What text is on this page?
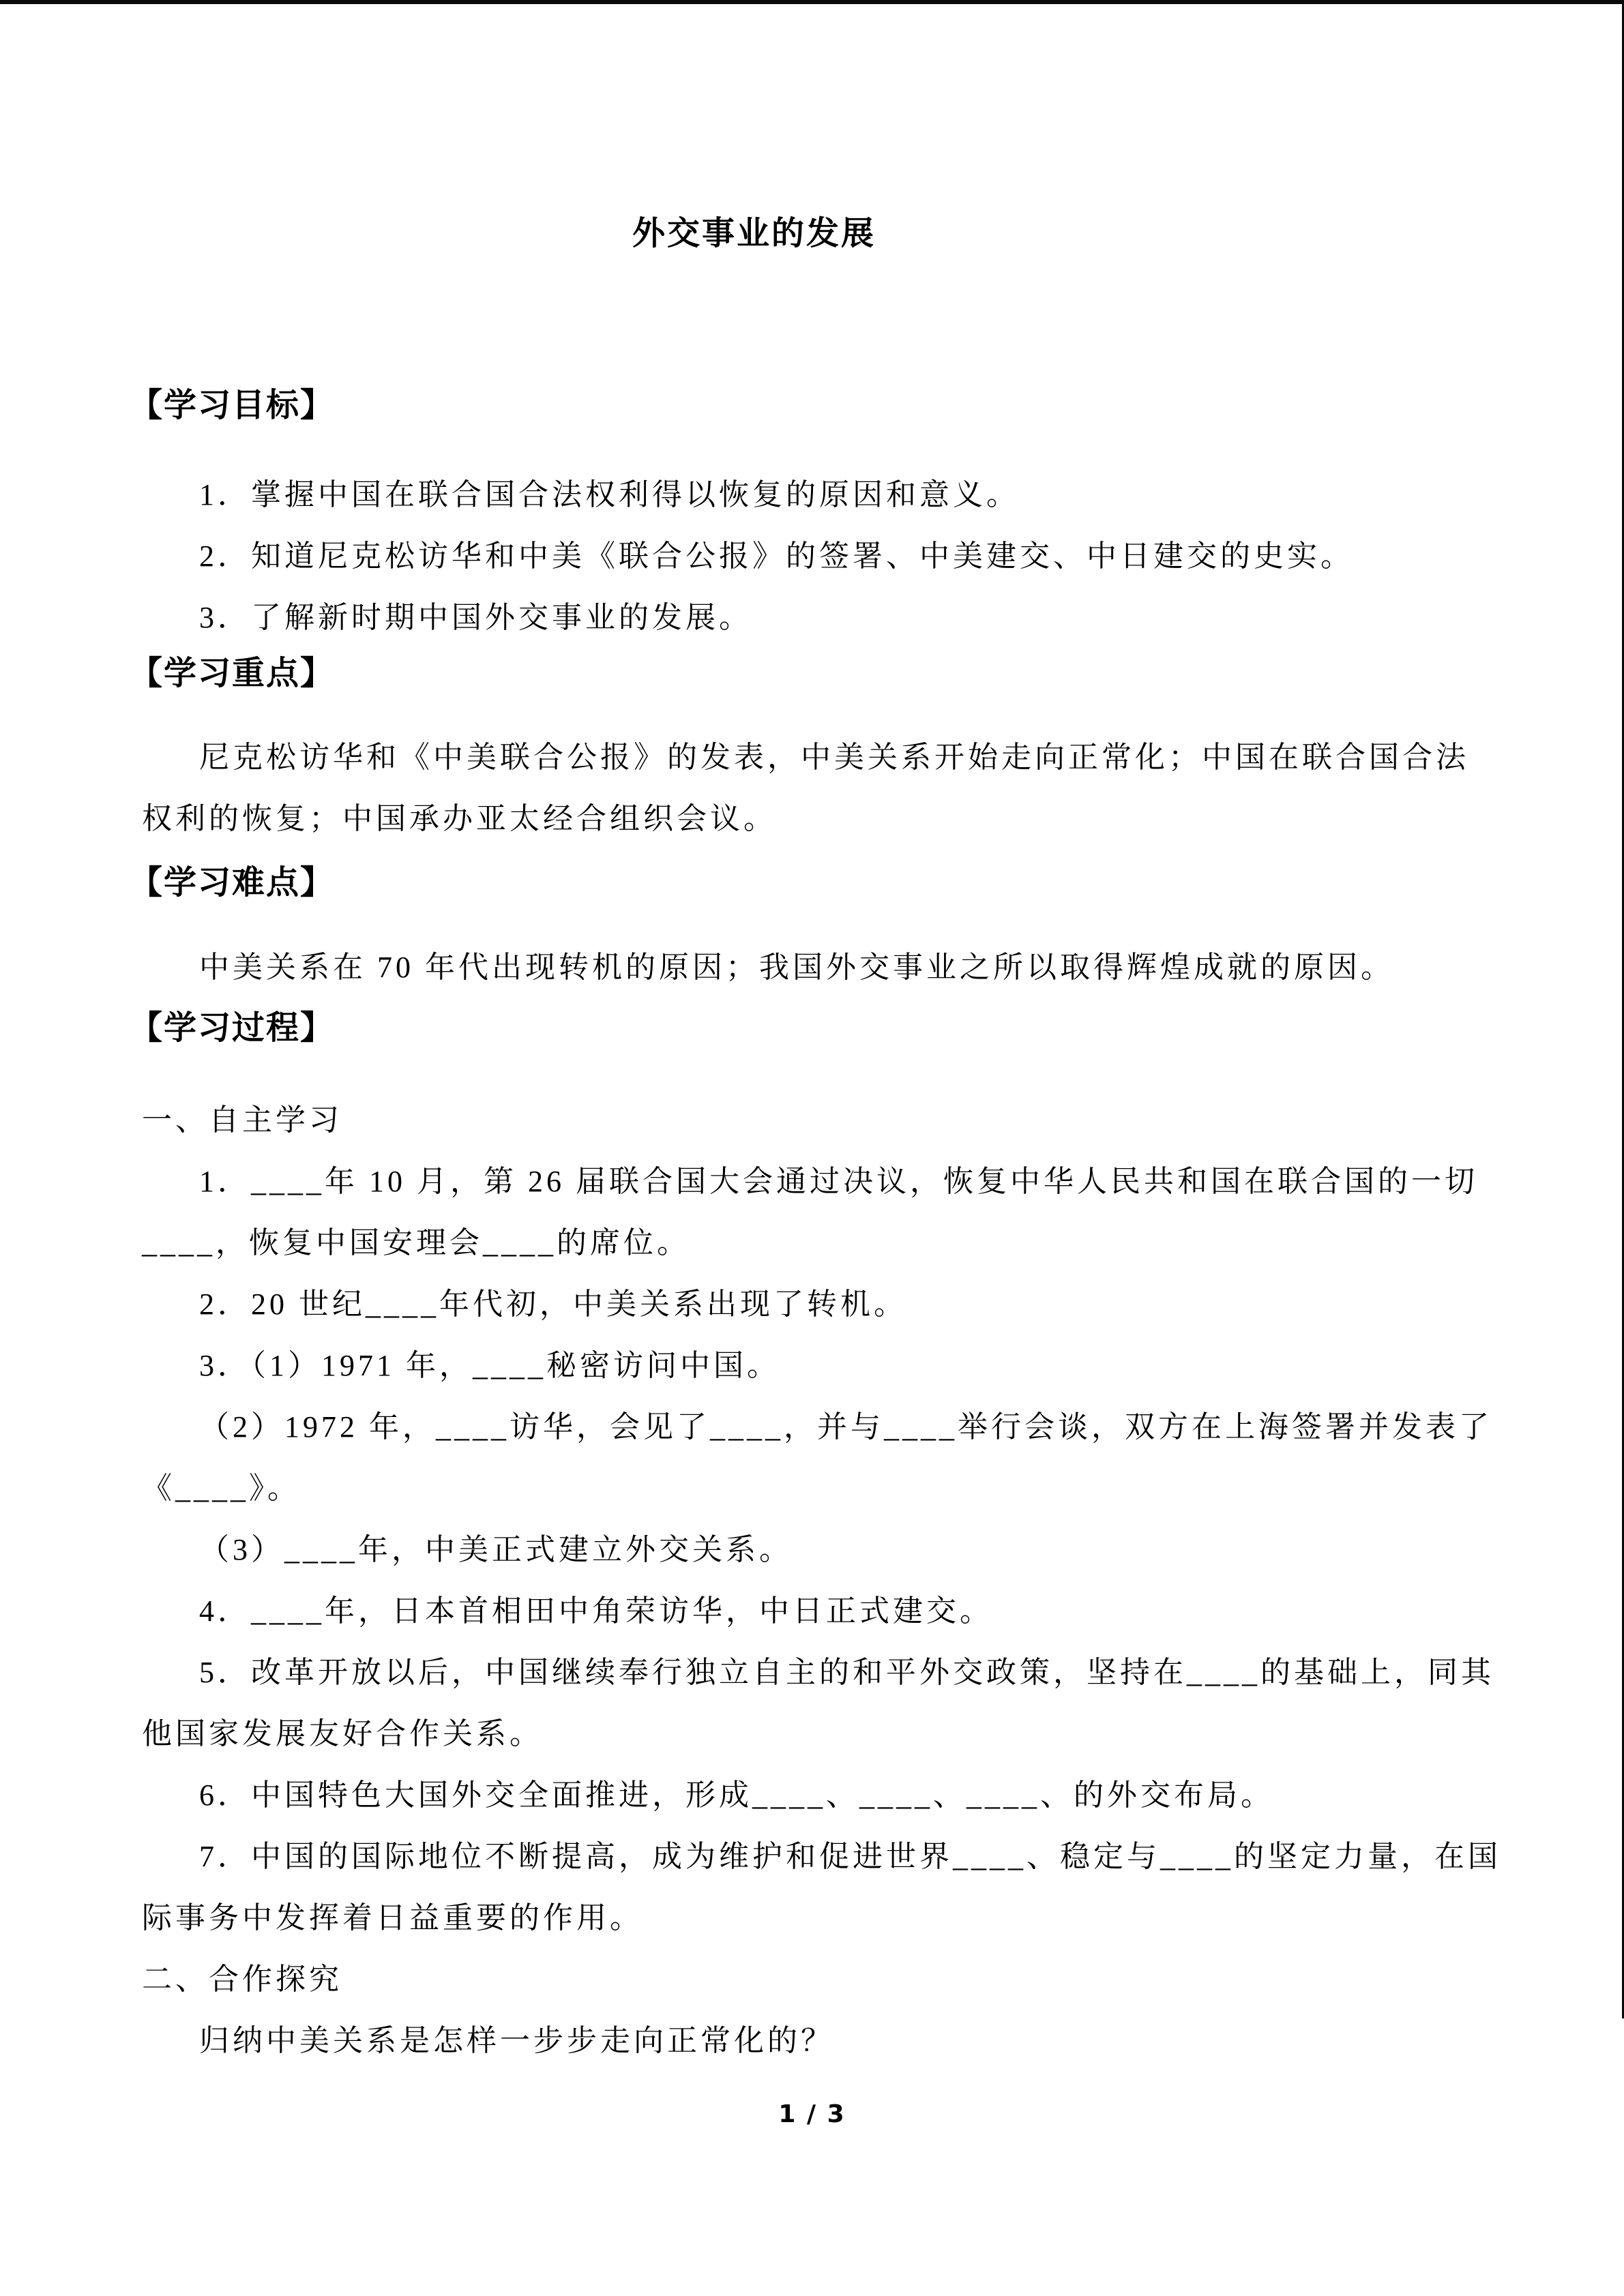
外交事业的发展
【学习目标】
1．掌握中国在联合国合法权利得以恢复的原因和意义。
2．知道尼克松访华和中美《联合公报》的签署、中美建交、中日建交的史实。
3．了解新时期中国外交事业的发展。
【学习重点】
尼克松访华和《中美联合公报》的发表，中美关系开始走向正常化；中国在联合国合法
权利的恢复；中国承办亚太经合组织会议。
【学习难点】
中美关系在 70 年代出现转机的原因；我国外交事业之所以取得辉煌成就的原因。
【学习过程】
一、自主学习
1．____年 10 月，第 26 届联合国大会通过决议，恢复中华人民共和国在联合国的一切
____，恢复中国安理会____的席位。
2．20 世纪____年代初，中美关系出现了转机。
3．（1）1971 年，____秘密访问中国。
（2）1972 年，____访华，会见了____，并与____举行会谈，双方在上海签署并发表了
《____》。
（3）____年，中美正式建立外交关系。
4．____年，日本首相田中角荣访华，中日正式建交。
5．改革开放以后，中国继续奉行独立自主的和平外交政策，坚持在____的基础上，同其
他国家发展友好合作关系。
6．中国特色大国外交全面推进，形成____、____、____、的外交布局。
7．中国的国际地位不断提高，成为维护和促进世界____、稳定与____的坚定力量，在国
际事务中发挥着日益重要的作用。
二、合作探究
归纳中美关系是怎样一步步走向正常化的？
1 / 3
